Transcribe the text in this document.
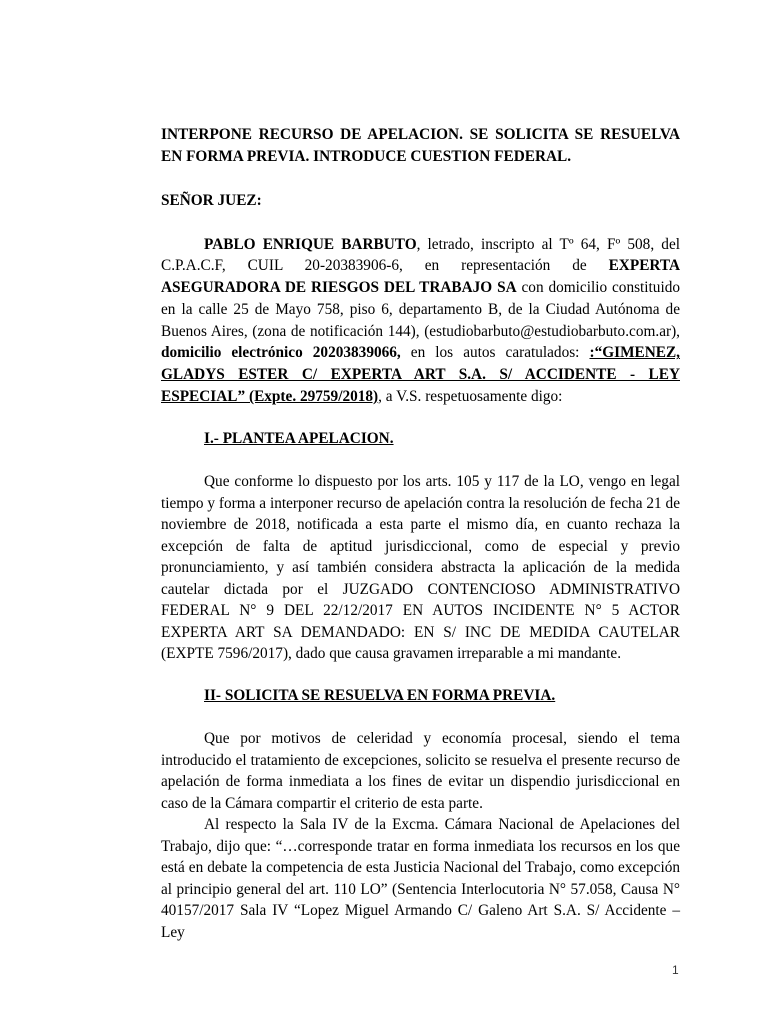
INTERPONE RECURSO DE APELACION. SE SOLICITA SE RESUELVA EN FORMA PREVIA. INTRODUCE CUESTION FEDERAL.

SEÑOR JUEZ:

PABLO ENRIQUE BARBUTO, letrado, inscripto al Tº 64, Fº 508, del C.P.A.C.F, CUIL 20-20383906-6, en representación de EXPERTA ASEGURADORA DE RIESGOS DEL TRABAJO SA con domicilio constituido en la calle 25 de Mayo 758, piso 6, departamento B, de la Ciudad Autónoma de Buenos Aires, (zona de notificación 144), (estudiobarbuto@estudiobarbuto.com.ar), domicilio electrónico 20203839066, en los autos caratulados: :“GIMENEZ, GLADYS ESTER C/ EXPERTA ART S.A. S/ ACCIDENTE - LEY ESPECIAL” (Expte. 29759/2018), a V.S. respetuosamente digo:

I.- PLANTEA APELACION.

Que conforme lo dispuesto por los arts. 105 y 117 de la LO, vengo en legal tiempo y forma a interponer recurso de apelación contra la resolución de fecha 21 de noviembre de 2018, notificada a esta parte el mismo día, en cuanto rechaza la excepción de falta de aptitud jurisdiccional, como de especial y previo pronunciamiento, y así también considera abstracta la aplicación de la medida cautelar dictada por el JUZGADO CONTENCIOSO ADMINISTRATIVO FEDERAL N° 9 DEL 22/12/2017 EN AUTOS INCIDENTE N° 5 ACTOR EXPERTA ART SA DEMANDADO: EN S/ INC DE MEDIDA CAUTELAR (EXPTE 7596/2017), dado que causa gravamen irreparable a mi mandante.

II- SOLICITA SE RESUELVA EN FORMA PREVIA.

Que por motivos de celeridad y economía procesal, siendo el tema introducido el tratamiento de excepciones, solicito se resuelva el presente recurso de apelación de forma inmediata a los fines de evitar un dispendio jurisdiccional en caso de la Cámara compartir el criterio de esta parte.

Al respecto la Sala IV de la Excma. Cámara Nacional de Apelaciones del Trabajo, dijo que: “…corresponde tratar en forma inmediata los recursos en los que está en debate la competencia de esta Justicia Nacional del Trabajo, como excepción al principio general del art. 110 LO” (Sentencia Interlocutoria N° 57.058, Causa N° 40157/2017 Sala IV “Lopez Miguel Armando C/ Galeno Art S.A. S/ Accidente – Ley

1
